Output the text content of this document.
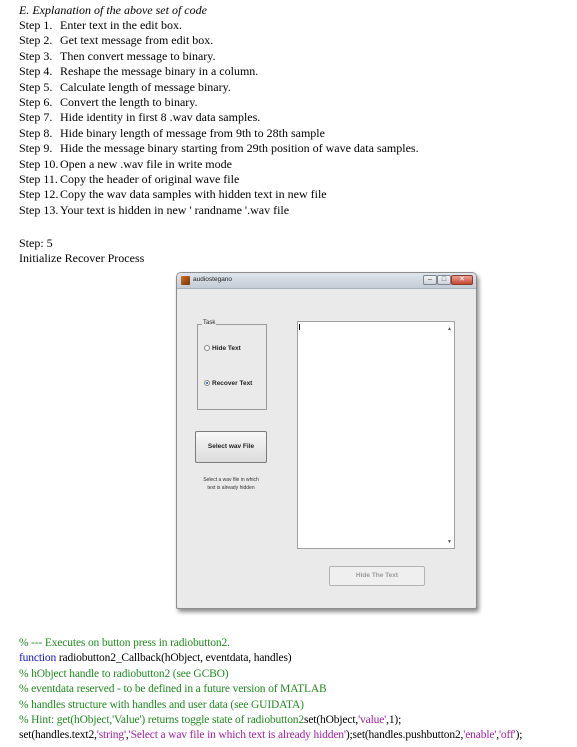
E. Explanation of the above set of code
Step 1. Enter text in the edit box.
Step 2. Get text message from edit box.
Step 3. Then convert message to binary.
Step 4. Reshape the message binary in a column.
Step 5. Calculate length of message binary.
Step 6. Convert the length to binary.
Step 7. Hide identity in first 8 .wav data samples.
Step 8. Hide binary length of message from 9th to 28th sample
Step 9. Hide the message binary starting from 29th position of wave data samples.
Step 10. Open a new .wav file in write mode
Step 11. Copy the header of original wave file
Step 12. Copy the wav data samples with hidden text in new file
Step 13. Your text is hidden in new ' randname '.wav file
Step: 5
Initialize Recover Process
audiostegano	–	□	✕
Task
Hide Text
Recover Text
Select wav File
Select a wav file in which
text is already hidden
▲
▼
Hide The Text
% --- Executes on button press in radiobutton2.
function radiobutton2_Callback(hObject, eventdata, handles)
% hObject handle to radiobutton2 (see GCBO)
% eventdata reserved - to be defined in a future version of MATLAB
% handles structure with handles and user data (see GUIDATA)
% Hint: get(hObject,'Value') returns toggle state of radiobutton2set(hObject,'value',1);
set(handles.text2,'string','Select a wav file in which text is already hidden');set(handles.pushbutton2,'enable','off');
